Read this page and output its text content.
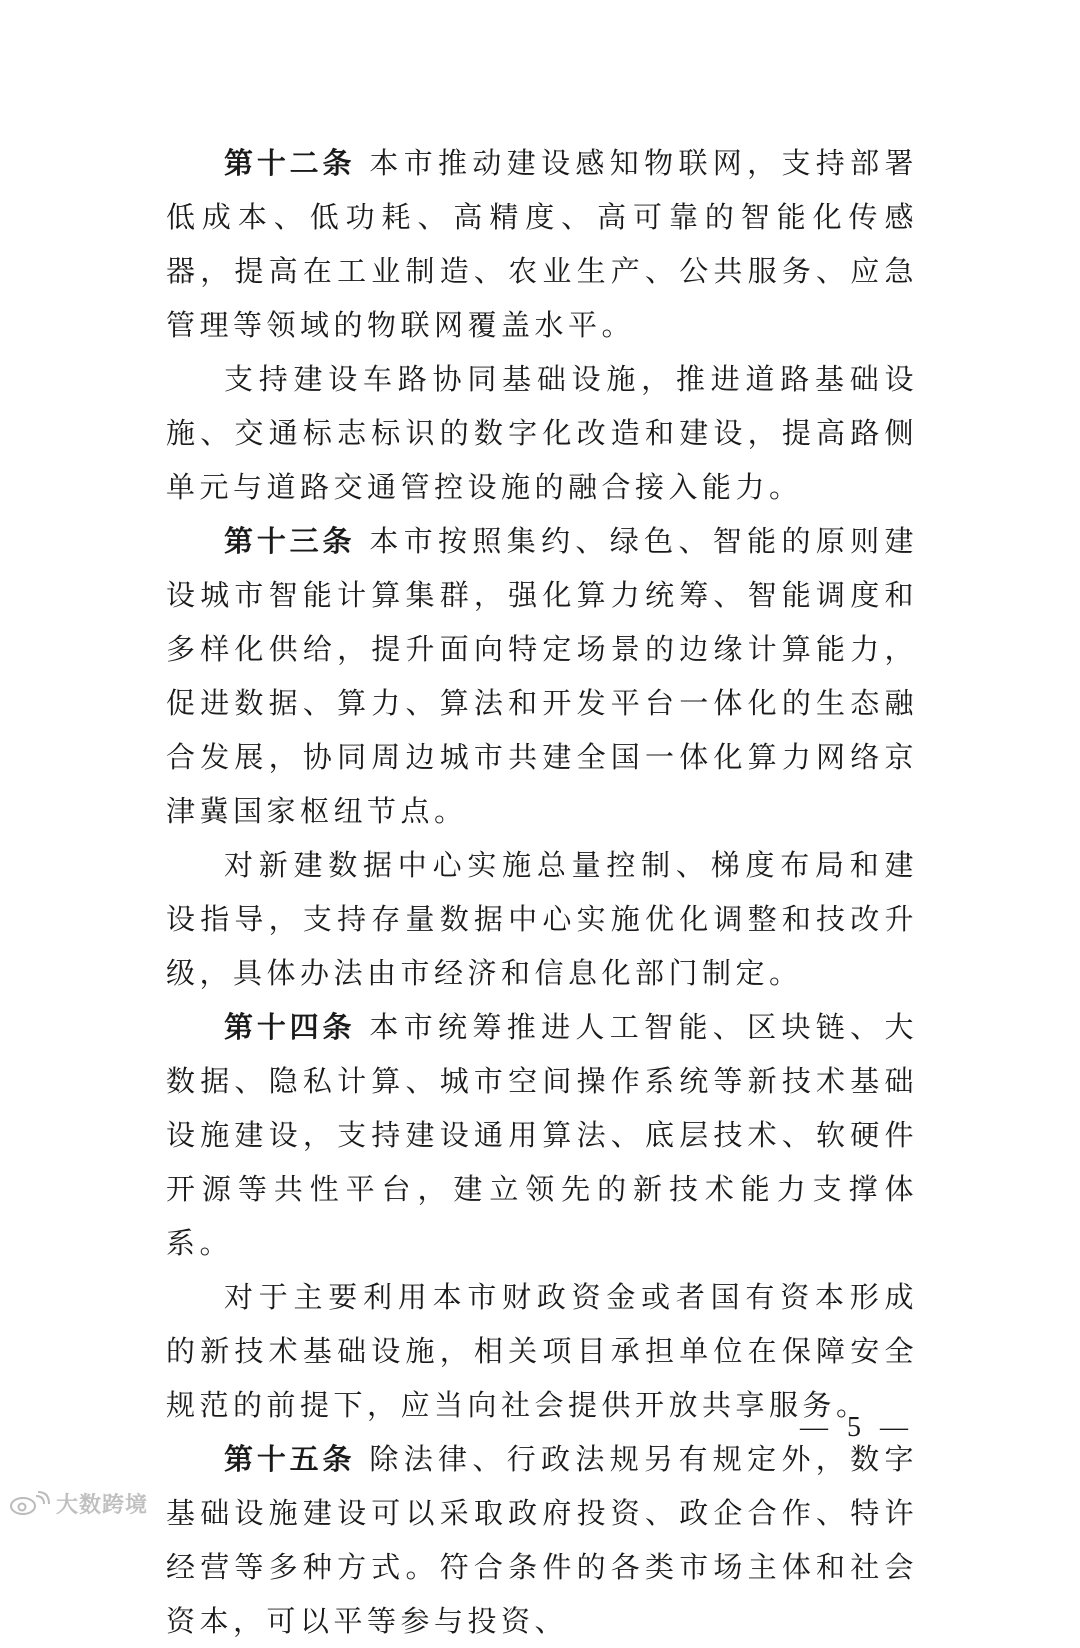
第十二条 本市推动建设感知物联网，支持部署低成本、低功耗、高精度、高可靠的智能化传感器，提高在工业制造、农业生产、公共服务、应急管理等领域的物联网覆盖水平。

支持建设车路协同基础设施，推进道路基础设施、交通标志标识的数字化改造和建设，提高路侧单元与道路交通管控设施的融合接入能力。

第十三条 本市按照集约、绿色、智能的原则建设城市智能计算集群，强化算力统筹、智能调度和多样化供给，提升面向特定场景的边缘计算能力，促进数据、算力、算法和开发平台一体化的生态融合发展，协同周边城市共建全国一体化算力网络京津冀国家枢纽节点。

对新建数据中心实施总量控制、梯度布局和建设指导，支持存量数据中心实施优化调整和技改升级，具体办法由市经济和信息化部门制定。

第十四条 本市统筹推进人工智能、区块链、大数据、隐私计算、城市空间操作系统等新技术基础设施建设，支持建设通用算法、底层技术、软硬件开源等共性平台，建立领先的新技术能力支撑体系。

对于主要利用本市财政资金或者国有资本形成的新技术基础设施，相关项目承担单位在保障安全规范的前提下，应当向社会提供开放共享服务。

第十五条 除法律、行政法规另有规定外，数字基础设施建设可以采取政府投资、政企合作、特许经营等多种方式。符合条件的各类市场主体和社会资本，可以平等参与投资、

— 5 —
大数跨境
